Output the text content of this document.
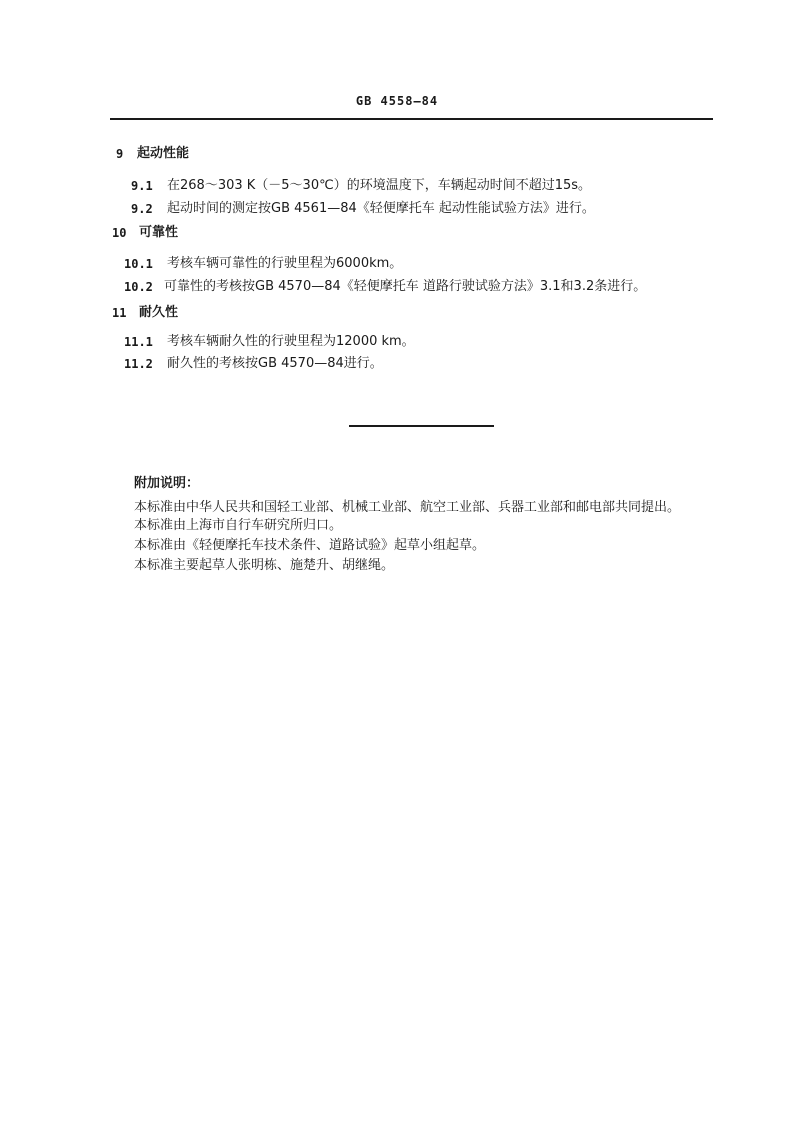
GB 4558—84
9 起动性能
9.1 在268～303 K（－5～30℃）的环境温度下，车辆起动时间不超过15s。
9.2 起动时间的测定按GB 4561—84《轻便摩托车 起动性能试验方法》进行。
10 可靠性
10.1 考核车辆可靠性的行驶里程为6000km。
10.2 可靠性的考核按GB 4570—84《轻便摩托车 道路行驶试验方法》3.1和3.2条进行。
11 耐久性
11.1 考核车辆耐久性的行驶里程为12000 km。
11.2 耐久性的考核按GB 4570—84进行。
附加说明：
本标准由中华人民共和国轻工业部、机械工业部、航空工业部、兵器工业部和邮电部共同提出。
本标准由上海市自行车研究所归口。
本标准由《轻便摩托车技术条件、道路试验》起草小组起草。
本标准主要起草人张明栋、施楚升、胡继绳。
